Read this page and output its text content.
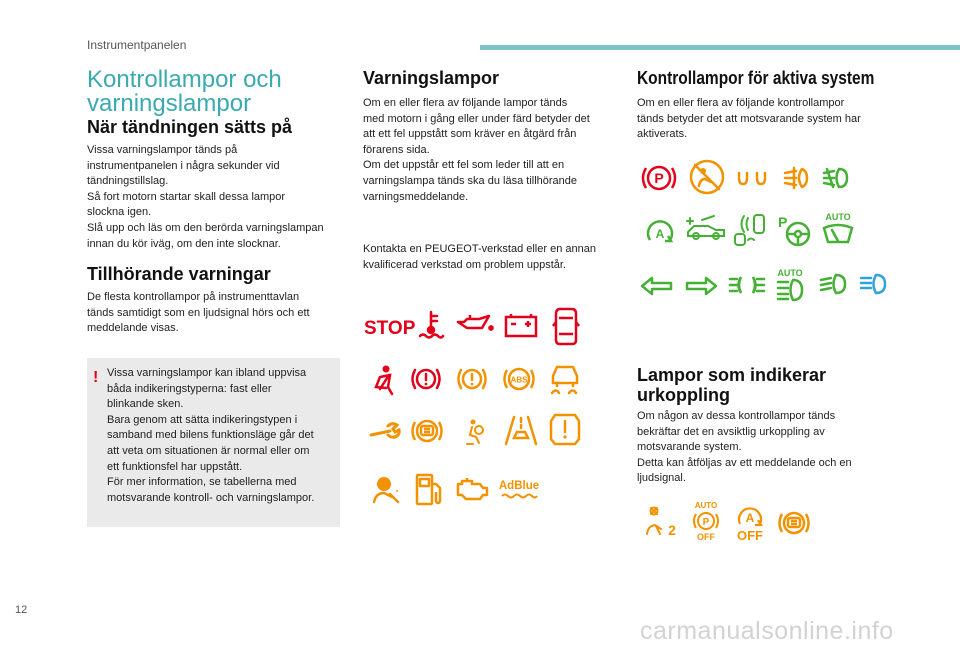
Instrumentpanelen
Kontrollampor och
varningslampor
När tändningen sätts på
Vissa varningslampor tänds på
instrumentpanelen i några sekunder vid
tändningstillslag.
Så fort motorn startar skall dessa lampor
slockna igen.
Slå upp och läs om den berörda varningslampan
innan du kör iväg, om den inte slocknar.
Tillhörande varningar
De flesta kontrollampor på instrumenttavlan
tänds samtidigt som en ljudsignal hörs och ett
meddelande visas.
! Vissa varningslampor kan ibland uppvisa
båda indikeringstyperna: fast eller
blinkande sken.
Bara genom att sätta indikeringstypen i
samband med bilens funktionsläge går det
att veta om situationen är normal eller om
ett funktionsfel har uppstått.
För mer information, se tabellerna med
motsvarande kontroll- och varningslampor.
Varningslampor
Om en eller flera av följande lampor tänds
med motorn i gång eller under färd betyder det
att ett fel uppstått som kräver en åtgärd från
förarens sida.
Om det uppstår ett fel som leder till att en
varningslampa tänds ska du läsa tillhörande
varningsmeddelande.
Kontakta en PEUGEOT-verkstad eller en annan
kvalificerad verkstad om problem uppstår.
STOP
ABS
AdBlue
Kontrollampor för aktiva system
Om en eller flera av följande kontrollampor
tänds betyder det att motsvarande system har
aktiverats.
P
A
P	AUTO
AUTO
Lampor som indikerar
urkoppling
Om någon av dessa kontrollampor tänds
bekräftar det en avsiktlig urkoppling av
motsvarande system.
Detta kan åtföljas av ett meddelande och en
ljudsignal.
2
AUTO
P
OFF
A
OFF
12
carmanualsonline.info
